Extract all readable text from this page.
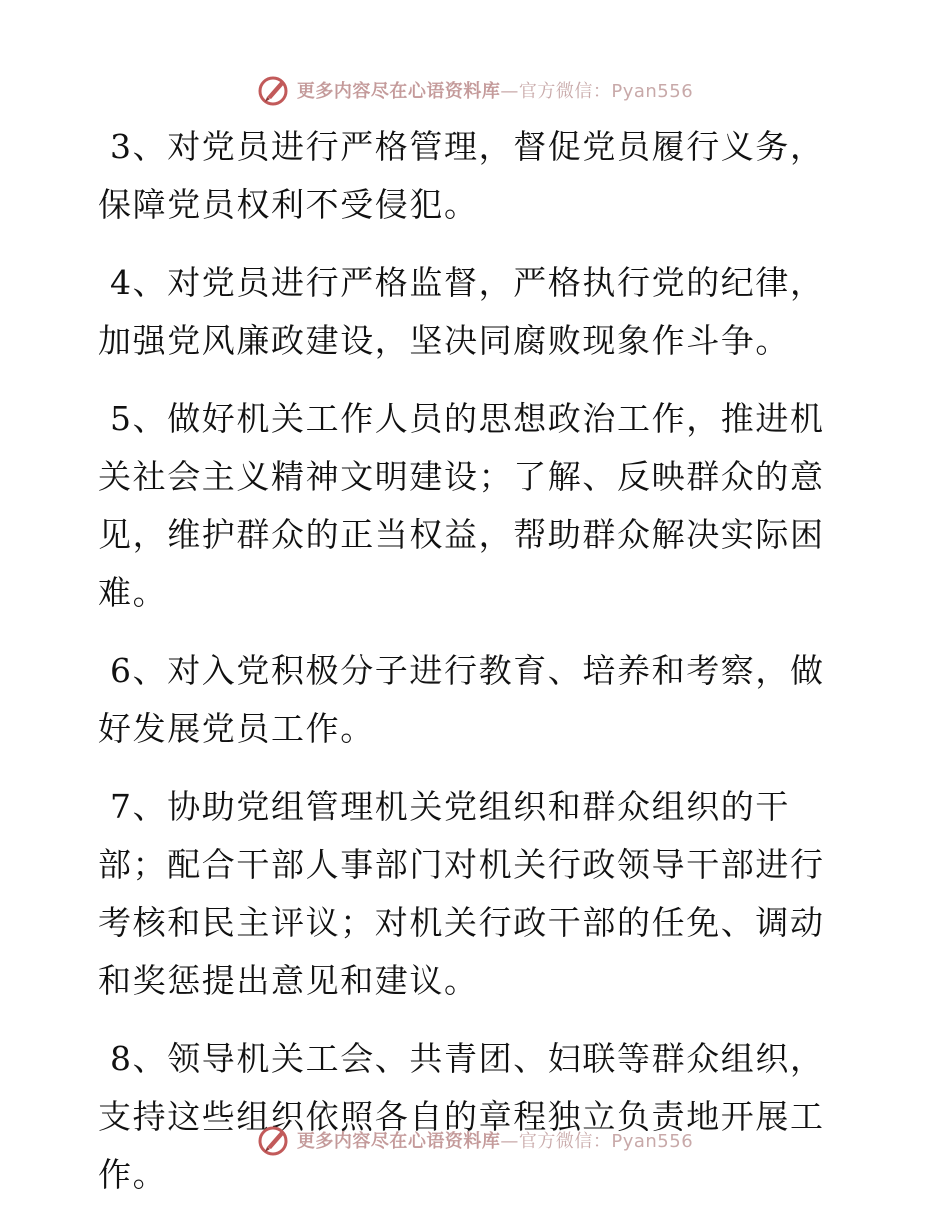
更多内容尽在心语资料库—官方微信：Pyan556

3、对党员进行严格管理，督促党员履行义务，保障党员权利不受侵犯。

4、对党员进行严格监督，严格执行党的纪律，加强党风廉政建设，坚决同腐败现象作斗争。

5、做好机关工作人员的思想政治工作，推进机关社会主义精神文明建设；了解、反映群众的意见，维护群众的正当权益，帮助群众解决实际困难。

6、对入党积极分子进行教育、培养和考察，做好发展党员工作。

7、协助党组管理机关党组织和群众组织的干部；配合干部人事部门对机关行政领导干部进行考核和民主评议；对机关行政干部的任免、调动和奖惩提出意见和建议。

8、领导机关工会、共青团、妇联等群众组织，支持这些组织依照各自的章程独立负责地开展工作。

更多内容尽在心语资料库—官方微信：Pyan556
